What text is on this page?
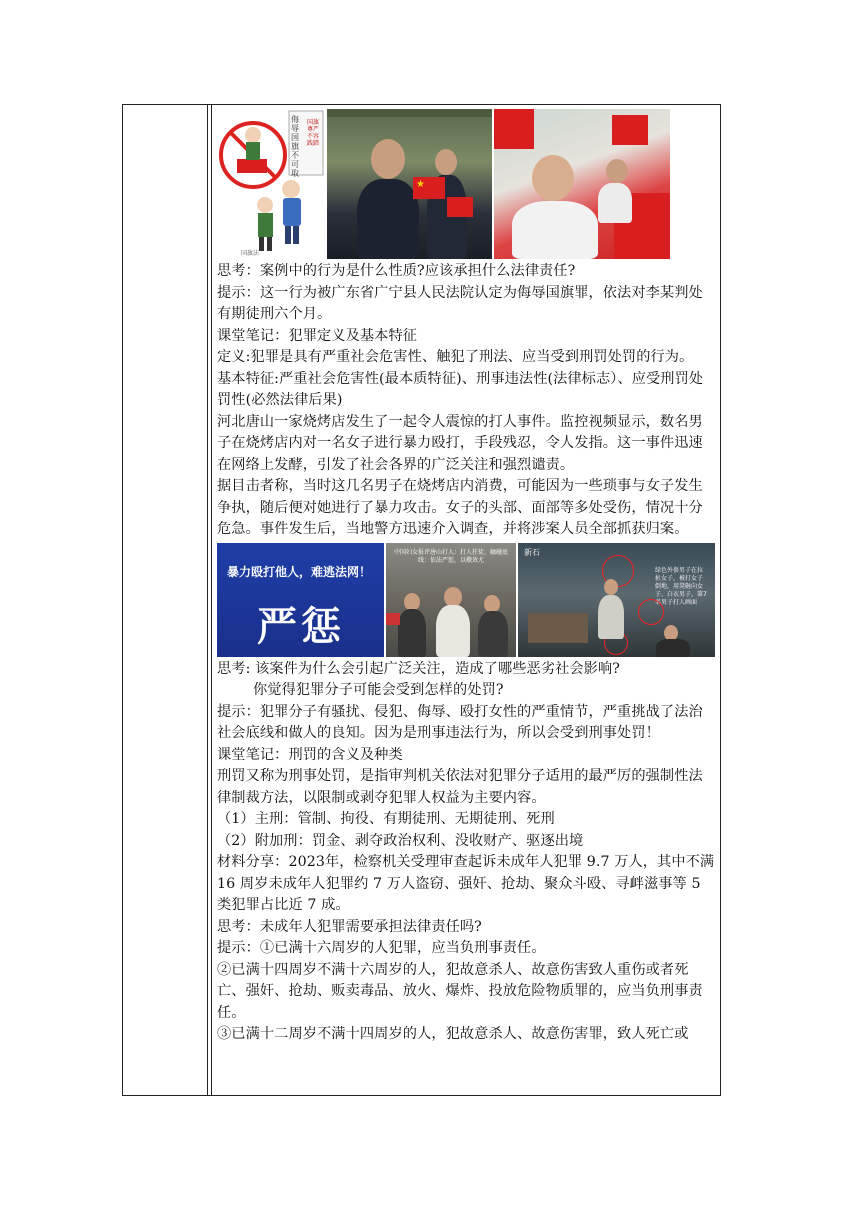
侮辱国旗不可取
国旗尊严不容践踏
国旗法
★

思考：案例中的行为是什么性质?应该承担什么法律责任?

提示：这一行为被广东省广宁县人民法院认定为侮辱国旗罪，依法对李某判处有期徒刑六个月。

课堂笔记：犯罪定义及基本特征

定义:犯罪是具有严重社会危害性、触犯了刑法、应当受到刑罚处罚的行为。

基本特征:严重社会危害性(最本质特征)、刑事违法性(法律标志）、应受刑罚处罚性(必然法律后果)

河北唐山一家烧烤店发生了一起令人震惊的打人事件。监控视频显示，数名男子在烧烤店内对一名女子进行暴力殴打，手段残忍，令人发指。这一事件迅速在网络上发酵，引发了社会各界的广泛关注和强烈谴责。

据目击者称，当时这几名男子在烧烤店内消费，可能因为一些琐事与女子发生争执，随后便对她进行了暴力攻击。女子的头部、面部等多处受伤，情况十分危急。事件发生后，当地警方迅速介入调查，并将涉案人员全部抓获归案。

暴力殴打他人，难逃法网！
严惩
中国妇女报评唐山打人：打人狂徒，触碰底线：依法严惩，以儆效尤
新石
绿色外套男子在拉扯女子，被打女子倒地，用凳砸向女子，白衣男子，第7名男子打人画面

思考: 该案件为什么会引起广泛关注，造成了哪些恶劣社会影响?

你觉得犯罪分子可能会受到怎样的处罚?

提示：犯罪分子有骚扰、侵犯、侮辱、殴打女性的严重情节，严重挑战了法治社会底线和做人的良知。因为是刑事违法行为，所以会受到刑事处罚！

课堂笔记：刑罚的含义及种类

刑罚又称为刑事处罚，是指审判机关依法对犯罪分子适用的最严厉的强制性法律制裁方法，以限制或剥夺犯罪人权益为主要内容。

（1）主刑：管制、拘役、有期徒刑、无期徒刑、死刑

（2）附加刑：罚金、剥夺政治权利、没收财产、驱逐出境

材料分享：2023年，检察机关受理审查起诉未成年人犯罪 9.7 万人，其中不满 16 周岁未成年人犯罪约 7 万人盗窃、强奸、抢劫、聚众斗殴、寻衅滋事等 5 类犯罪占比近 7 成。

思考：未成年人犯罪需要承担法律责任吗?

提示：①已满十六周岁的人犯罪，应当负刑事责任。

②已满十四周岁不满十六周岁的人，犯故意杀人、故意伤害致人重伤或者死亡、强奸、抢劫、贩卖毒品、放火、爆炸、投放危险物质罪的，应当负刑事责任。

③已满十二周岁不满十四周岁的人，犯故意杀人、故意伤害罪，致人死亡或
